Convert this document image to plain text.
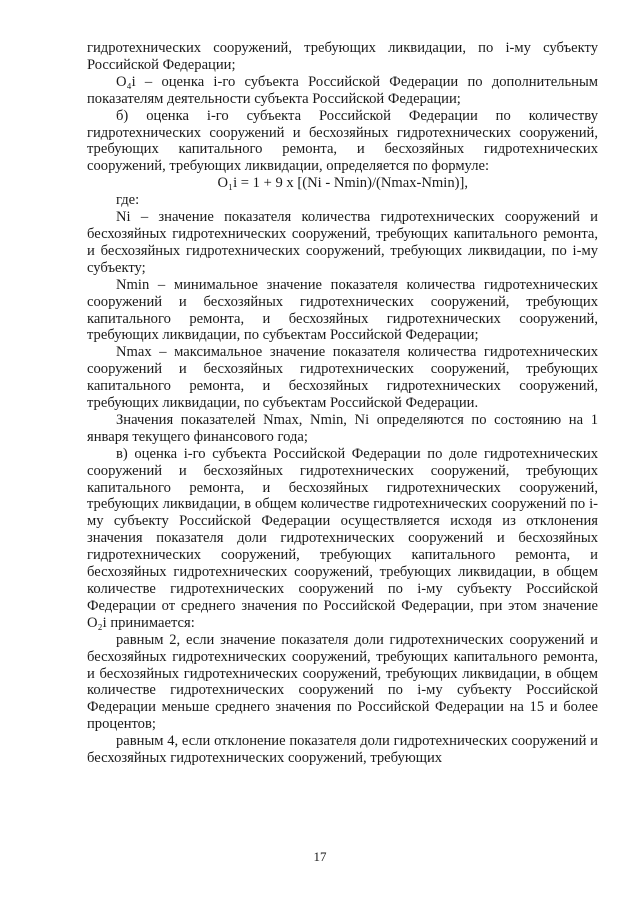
гидротехнических сооружений, требующих ликвидации, по i-му субъекту Российской Федерации;

O₄i – оценка i-го субъекта Российской Федерации по дополнительным показателям деятельности субъекта Российской Федерации;

б) оценка i-го субъекта Российской Федерации по количеству гидротехнических сооружений и бесхозяйных гидротехнических сооружений, требующих капитального ремонта, и бесхозяйных гидротехнических сооружений, требующих ликвидации, определяется по формуле:

O₁i = 1 + 9 x [(Ni - Nmin)/(Nmax-Nmin)],

где:

Ni – значение показателя количества гидротехнических сооружений и бесхозяйных гидротехнических сооружений, требующих капитального ремонта, и бесхозяйных гидротехнических сооружений, требующих ликвидации, по i-му субъекту;

Nmin – минимальное значение показателя количества гидротехнических сооружений и бесхозяйных гидротехнических сооружений, требующих капитального ремонта, и бесхозяйных гидротехнических сооружений, требующих ликвидации, по субъектам Российской Федерации;

Nmax – максимальное значение показателя количества гидротехнических сооружений и бесхозяйных гидротехнических сооружений, требующих капитального ремонта, и бесхозяйных гидротехнических сооружений, требующих ликвидации, по субъектам Российской Федерации.

Значения показателей Nmax, Nmin, Ni определяются по состоянию на 1 января текущего финансового года;

в) оценка i-го субъекта Российской Федерации по доле гидротехнических сооружений и бесхозяйных гидротехнических сооружений, требующих капитального ремонта, и бесхозяйных гидротехнических сооружений, требующих ликвидации, в общем количестве гидротехнических сооружений по i-му субъекту Российской Федерации осуществляется исходя из отклонения значения показателя доли гидротехнических сооружений и бесхозяйных гидротехнических сооружений, требующих капитального ремонта, и бесхозяйных гидротехнических сооружений, требующих ликвидации, в общем количестве гидротехнических сооружений по i-му субъекту Российской Федерации от среднего значения по Российской Федерации, при этом значение O₂i принимается:

равным 2, если значение показателя доли гидротехнических сооружений и бесхозяйных гидротехнических сооружений, требующих капитального ремонта, и бесхозяйных гидротехнических сооружений, требующих ликвидации, в общем количестве гидротехнических сооружений по i-му субъекту Российской Федерации меньше среднего значения по Российской Федерации на 15 и более процентов;

равным 4, если отклонение показателя доли гидротехнических сооружений и бесхозяйных гидротехнических сооружений, требующих

17
